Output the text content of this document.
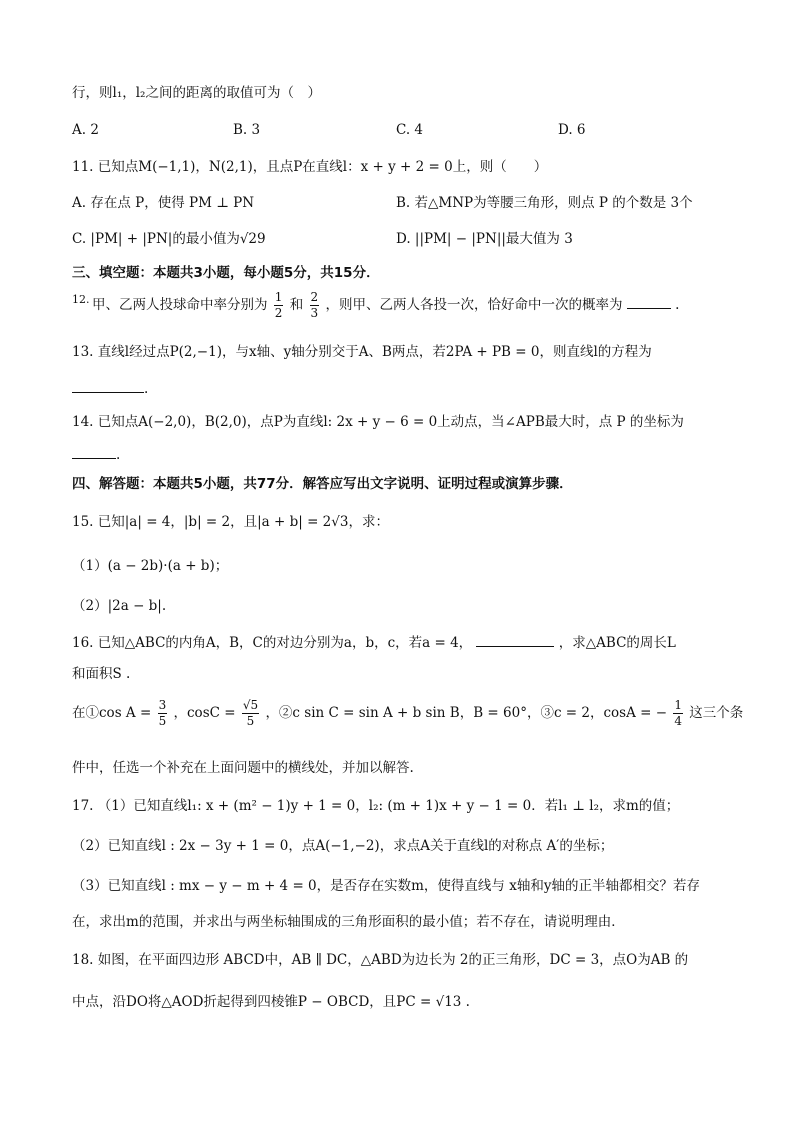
行，则l₁，l₂之间的距离的取值可为（　）
A. 2	B. 3	C. 4	D. 6
11. 已知点M(−1,1)，N(2,1)，且点P在直线l：x + y + 2 = 0上，则（　　）
A. 存在点 P，使得 PM ⊥ PN	B. 若△MNP为等腰三角形，则点 P 的个数是 3个
C. |PM| + |PN|的最小值为√29	D. ||PM| − |PN||最大值为 3
三、填空题：本题共3小题，每小题5分，共15分．
12. 甲、乙两人投球命中率分别为 $\frac{1}{2}$ 和 $\frac{2}{3}$ ，则甲、乙两人各投一次，恰好命中一次的概率为	.
13. 直线l经过点P(2,−1)，与x轴、y轴分别交于A、B两点，若2PA + PB = 0，则直线l的方程为
.
14. 已知点A(−2,0)，B(2,0)，点P为直线l: 2x + y − 6 = 0上动点，当∠APB最大时，点 P 的坐标为
.
四、解答题：本题共5小题，共77分．解答应写出文字说明、证明过程或演算步骤．
15. 已知|a| = 4，|b| = 2，且|a + b| = 2√3，求：
（1）(a − 2b)·(a + b)；
（2）|2a − b|.
16. 已知△ABC的内角A，B，C的对边分别为a，b，c，若a = 4，	，求△ABC的周长L
和面积S .
在①cos $A = \frac{3}{5}$ ，$\cos C = \frac{√5}{5}$ ，②c sin C = sin A + b sin B，B = 60°，③c = 2，cosA = − $\frac{1}{4}$ 这三个条
件中，任选一个补充在上面问题中的横线处，并加以解答.
17. （1）已知直线l₁: x + (m² − 1)y + 1 = 0，l₂: (m + 1)x + y − 1 = 0．若l₁ ⊥ l₂，求m的值；
（2）已知直线l : 2x − 3y + 1 = 0，点A(−1,−2)，求点A关于直线l的对称点 A′的坐标；
（3）已知直线l : mx − y − m + 4 = 0，是否存在实数m，使得直线与 x轴和y轴的正半轴都相交？若存
在，求出m的范围，并求出与两坐标轴围成的三角形面积的最小值；若不存在，请说明理由．
18. 如图，在平面四边形 ABCD中，AB ∥ DC，△ABD为边长为 2的正三角形，DC = 3，点O为AB 的
中点，沿DO将△AOD折起得到四棱锥P − OBCD，且PC = √13 .
